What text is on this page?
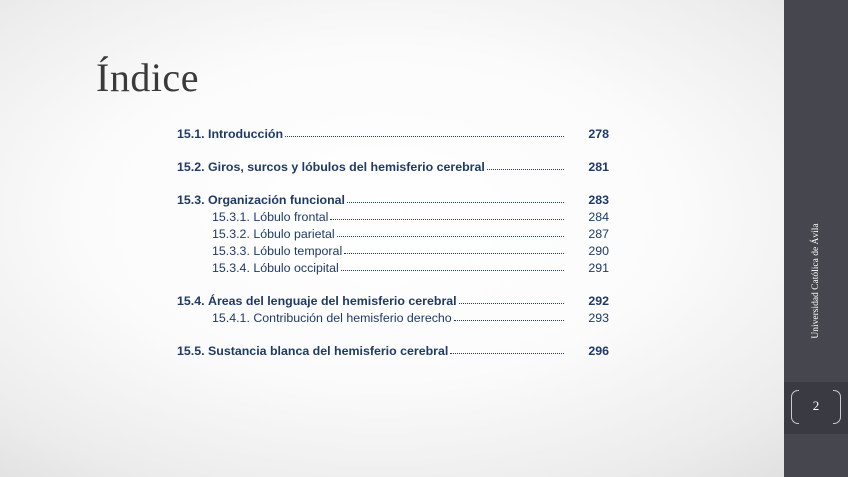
Índice
15.1. Introducción	278
15.2. Giros, surcos y lóbulos del hemisferio cerebral	281
15.3. Organización funcional	283
15.3.1. Lóbulo frontal	284
15.3.2. Lóbulo parietal	287
15.3.3. Lóbulo temporal	290
15.3.4. Lóbulo occipital	291
15.4. Áreas del lenguaje del hemisferio cerebral	292
15.4.1. Contribución del hemisferio derecho	293
15.5. Sustancia blanca del hemisferio cerebral	296
Universidad Católica de Ávila
2
